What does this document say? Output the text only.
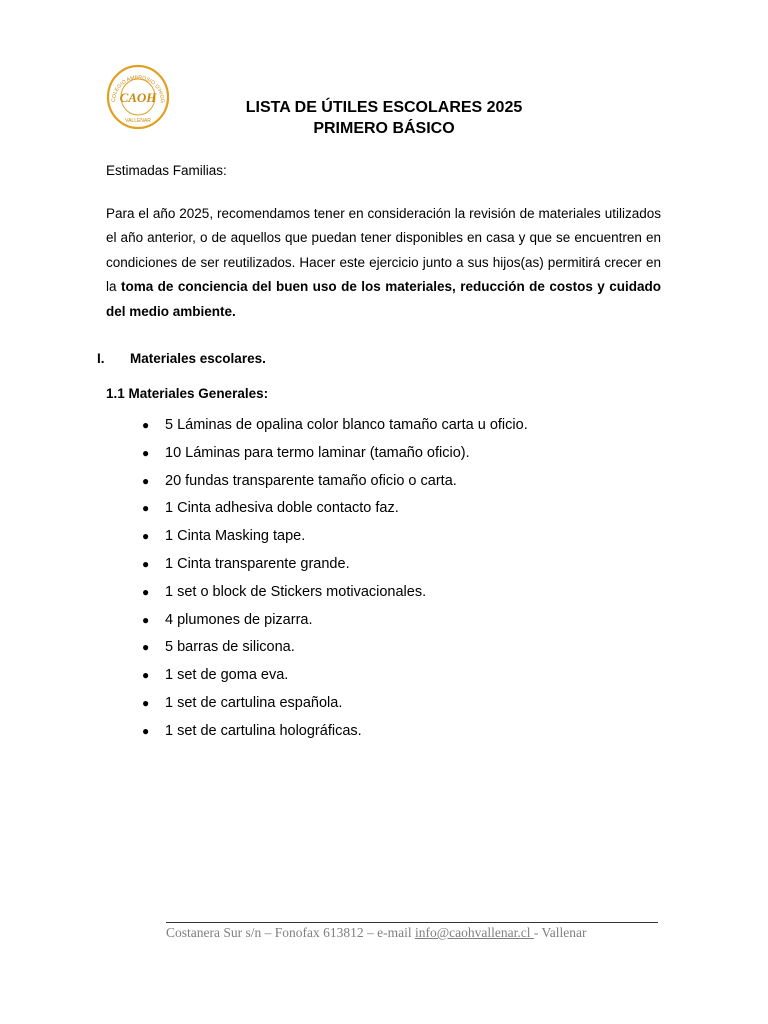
COLEGIO AMBROSIO O'HIGG
CAOH
VALLENAR
LISTA DE ÚTILES ESCOLARES 2025
PRIMERO BÁSICO
Estimadas Familias:
Para el año 2025, recomendamos tener en consideración la revisión de materiales utilizados el año anterior, o de aquellos que puedan tener disponibles en casa y que se encuentren en condiciones de ser reutilizados. Hacer este ejercicio junto a sus hijos(as) permitirá crecer en la toma de conciencia del buen uso de los materiales, reducción de costos y cuidado del medio ambiente.
I. Materiales escolares.
1.1 Materiales Generales:
● 5 Láminas de opalina color blanco tamaño carta u oficio.
● 10 Láminas para termo laminar (tamaño oficio).
● 20 fundas transparente tamaño oficio o carta.
● 1 Cinta adhesiva doble contacto faz.
● 1 Cinta Masking tape.
● 1 Cinta transparente grande.
● 1 set o block de Stickers motivacionales.
● 4 plumones de pizarra.
● 5 barras de silicona.
● 1 set de goma eva.
● 1 set de cartulina española.
● 1 set de cartulina holográficas.
Costanera Sur s/n – Fonofax 613812 – e-mail info@caohvallenar.cl - Vallenar
